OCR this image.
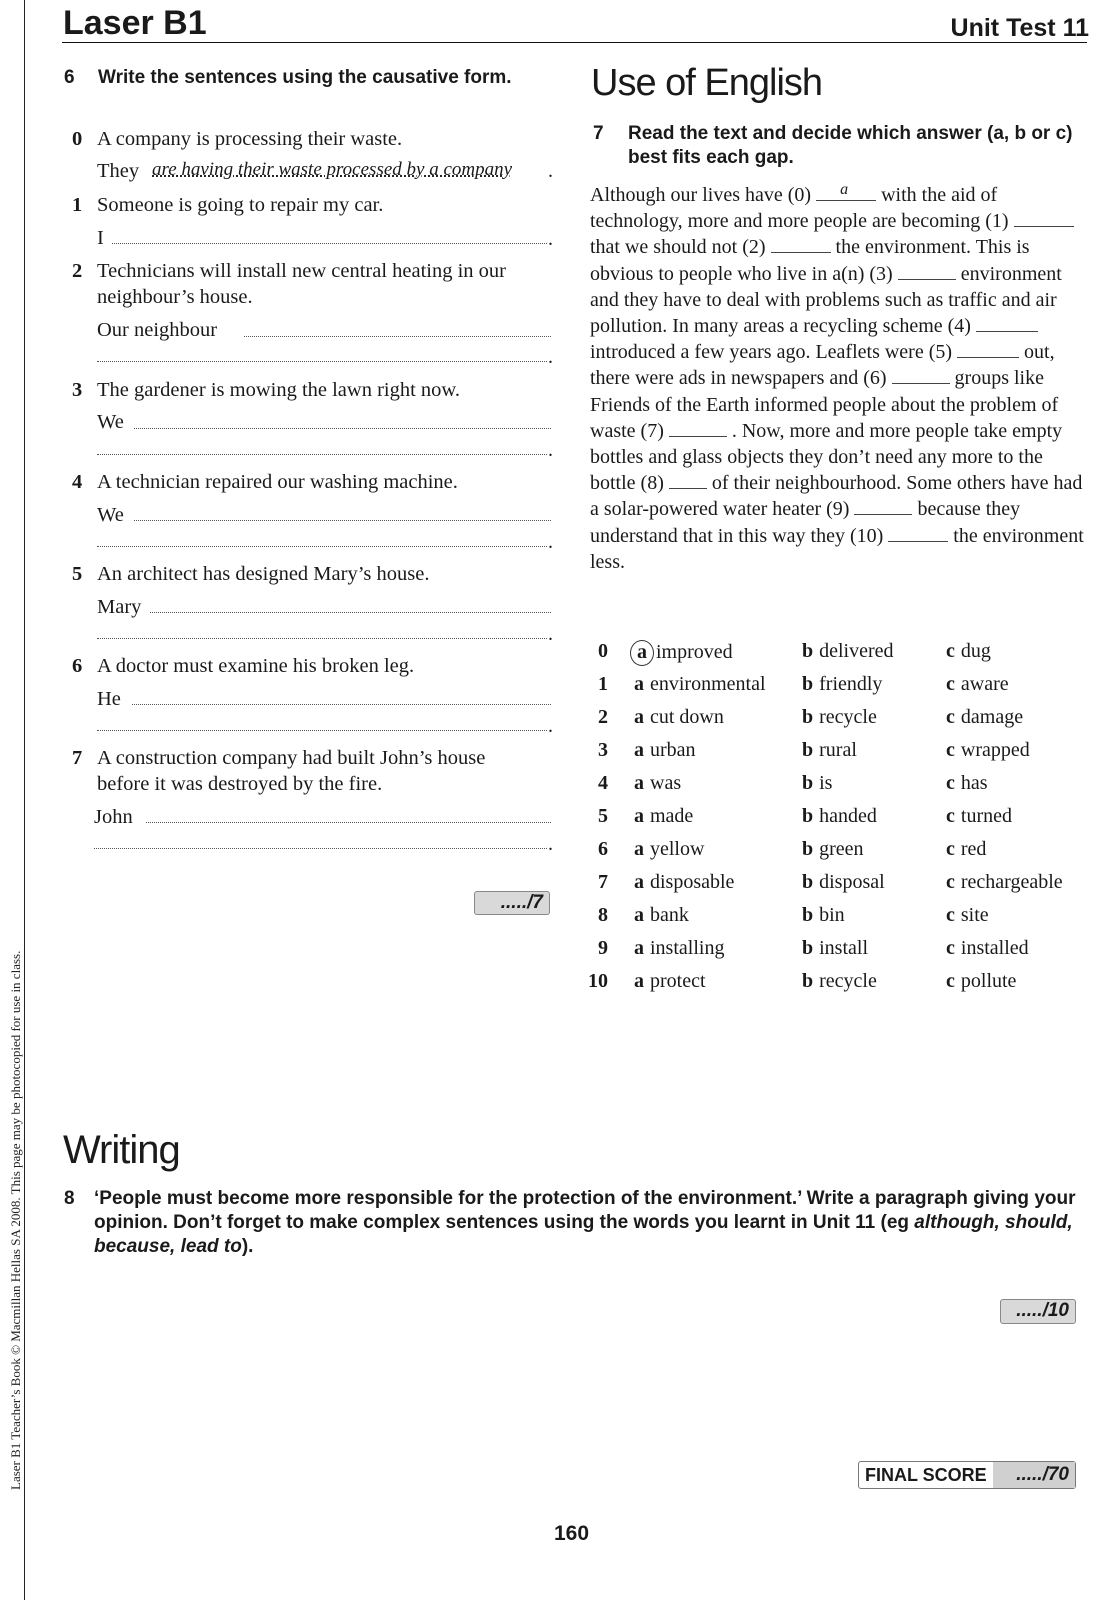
Laser B1	Unit Test 11
Laser B1 Teacher’s Book © Macmillan Hellas SA 2008. This page may be photocopied for use in class.
6 Write the sentences using the causative form.
0 A company is processing their waste.
They are having their waste processed by a company .
1 Someone is going to repair my car.
I	.
2 Technicians will install new central heating in our
neighbour’s house.
Our neighbour
.
3 The gardener is mowing the lawn right now.
We
.
4 A technician repaired our washing machine.
We
.
5 An architect has designed Mary’s house.
Mary
.
6 A doctor must examine his broken leg.
He
.
7 A construction company had built John’s house
before it was destroyed by the fire.
John
.
...../7
Use of English
7 Read the text and decide which answer (a, b or c) best fits each gap.
Although our lives have (0) a with the aid of technology, more and more people are becoming (1)  that we should not (2)	the environment. This is obvious to people who live in a(n) (3)	environment and they have to deal with problems such as traffic and air pollution. In many areas a recycling scheme (4)  introduced a few years ago. Leaflets were (5)	out, there were ads in newspapers and (6)	groups like Friends of the Earth informed people about the problem of waste (7)	. Now, more and more people take empty bottles and glass objects they don’t need any more to the bottle (8) of their neighbourhood. Some others have had a solar-powered water heater (9)	because they understand that in this way they (10)	the environment less.
0 a improved	b delivered	c dug
1 a environmental b friendly	c aware
2 a cut down	b recycle	c damage
3 a urban	b rural	c wrapped
4 a was	b is	c has
5 a made	b handed	c turned
6 a yellow	b green	c red
7 a disposable	b disposal	c rechargeable
8 a bank	b bin	c site
9 a installing	b install	c installed
10 a protect	b recycle	c pollute
Writing
8 ‘People must become more responsible for the protection of the environment.’ Write a paragraph giving your opinion. Don’t forget to make complex sentences using the words you learnt in Unit 11 (eg although, should, because, lead to).
...../10
FINAL SCORE	...../70
160
